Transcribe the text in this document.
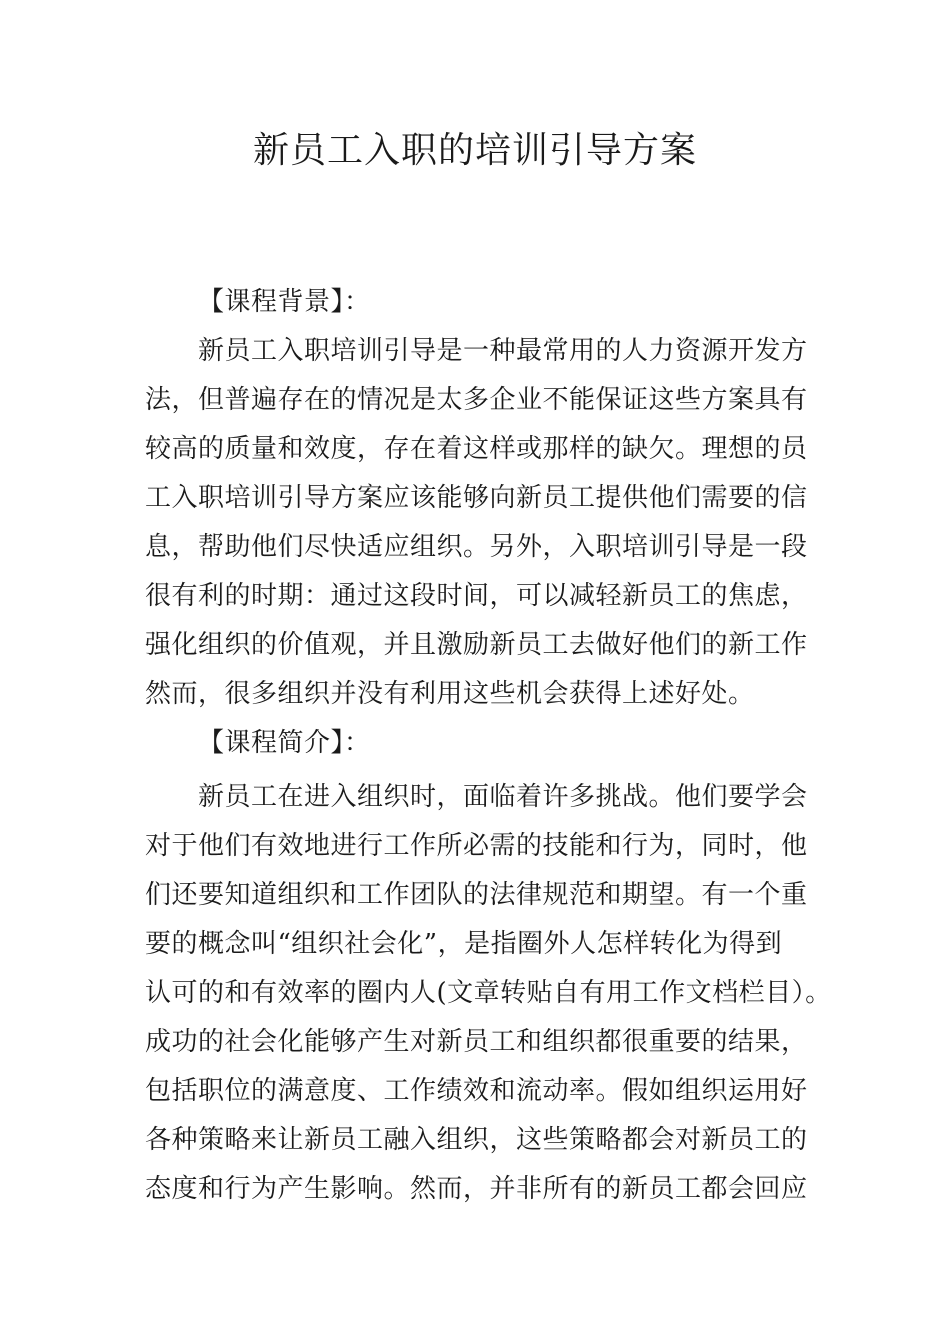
新员工入职的培训引导方案

【课程背景】：

新员工入职培训引导是一种最常用的人力资源开发方

法，但普遍存在的情况是太多企业不能保证这些方案具有

较高的质量和效度，存在着这样或那样的缺欠。理想的员

工入职培训引导方案应该能够向新员工提供他们需要的信

息，帮助他们尽快适应组织。另外，入职培训引导是一段

很有利的时期：通过这段时间，可以减轻新员工的焦虑，

强化组织的价值观，并且激励新员工去做好他们的新工作

然而，很多组织并没有利用这些机会获得上述好处。

【课程简介】：

新员工在进入组织时，面临着许多挑战。他们要学会

对于他们有效地进行工作所必需的技能和行为，同时，他

们还要知道组织和工作团队的法律规范和期望。有一个重

要的概念叫“组织社会化”，是指圈外人怎样转化为得到

认可的和有效率的圈内人(文章转贴自有用工作文档栏目）。

成功的社会化能够产生对新员工和组织都很重要的结果，

包括职位的满意度、工作绩效和流动率。假如组织运用好

各种策略来让新员工融入组织，这些策略都会对新员工的

态度和行为产生影响。然而，并非所有的新员工都会回应
